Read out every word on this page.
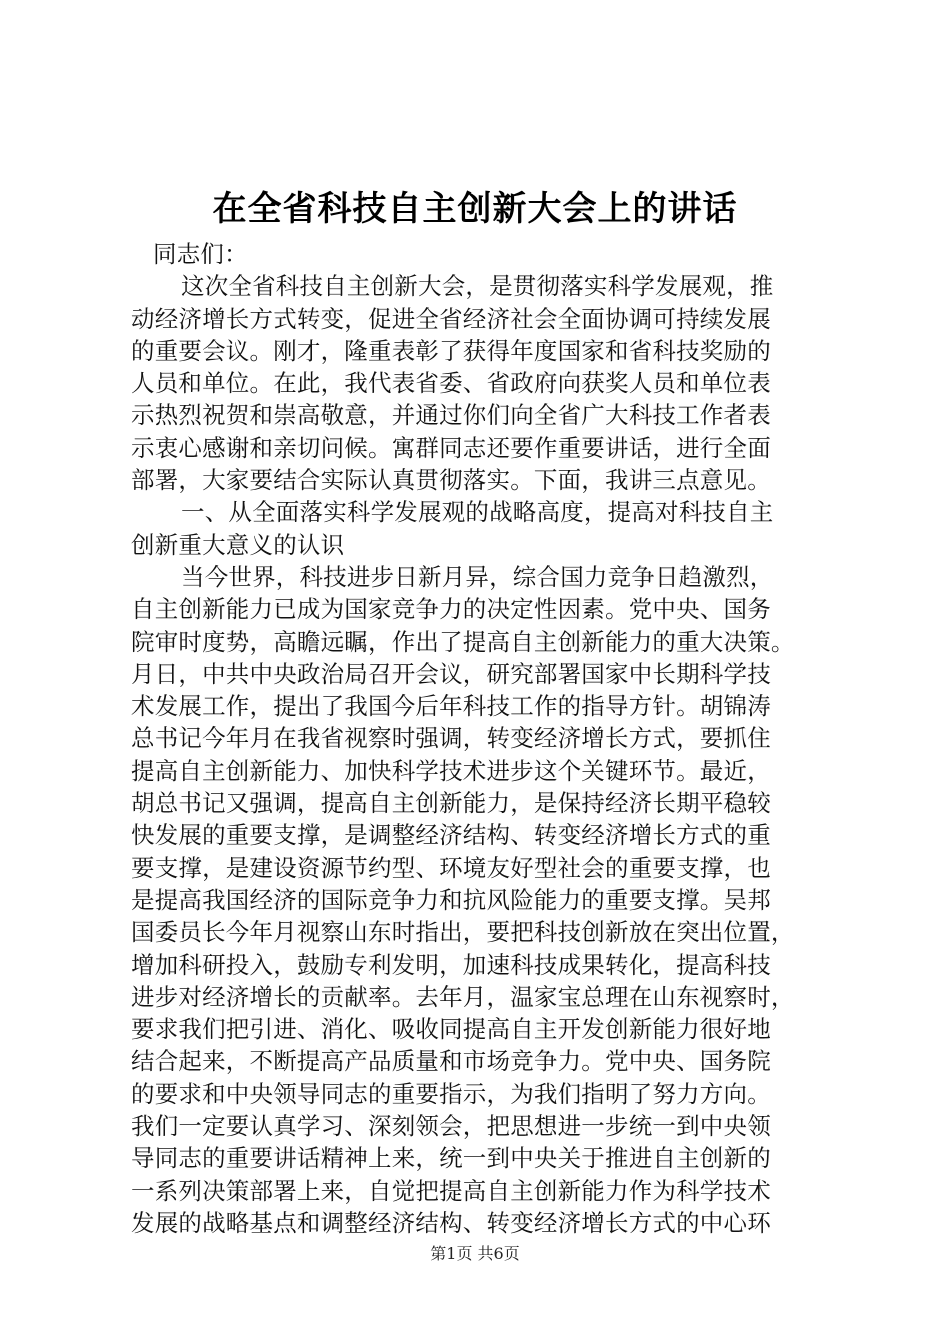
在全省科技自主创新大会上的讲话
同志们：
这次全省科技自主创新大会，是贯彻落实科学发展观，推
动经济增长方式转变，促进全省经济社会全面协调可持续发展
的重要会议。刚才，隆重表彰了获得年度国家和省科技奖励的
人员和单位。在此，我代表省委、省政府向获奖人员和单位表
示热烈祝贺和崇高敬意，并通过你们向全省广大科技工作者表
示衷心感谢和亲切问候。寓群同志还要作重要讲话，进行全面
部署，大家要结合实际认真贯彻落实。下面，我讲三点意见。
一、从全面落实科学发展观的战略高度，提高对科技自主
创新重大意义的认识
当今世界，科技进步日新月异，综合国力竞争日趋激烈，
自主创新能力已成为国家竞争力的决定性因素。党中央、国务
院审时度势，高瞻远瞩，作出了提高自主创新能力的重大决策。
月日，中共中央政治局召开会议，研究部署国家中长期科学技
术发展工作，提出了我国今后年科技工作的指导方针。胡锦涛
总书记今年月在我省视察时强调，转变经济增长方式，要抓住
提高自主创新能力、加快科学技术进步这个关键环节。最近，
胡总书记又强调，提高自主创新能力，是保持经济长期平稳较
快发展的重要支撑，是调整经济结构、转变经济增长方式的重
要支撑，是建设资源节约型、环境友好型社会的重要支撑，也
是提高我国经济的国际竞争力和抗风险能力的重要支撑。吴邦
国委员长今年月视察山东时指出，要把科技创新放在突出位置，
增加科研投入，鼓励专利发明，加速科技成果转化，提高科技
进步对经济增长的贡献率。去年月，温家宝总理在山东视察时，
要求我们把引进、消化、吸收同提高自主开发创新能力很好地
结合起来，不断提高产品质量和市场竞争力。党中央、国务院
的要求和中央领导同志的重要指示，为我们指明了努力方向。
我们一定要认真学习、深刻领会，把思想进一步统一到中央领
导同志的重要讲话精神上来，统一到中央关于推进自主创新的
一系列决策部署上来，自觉把提高自主创新能力作为科学技术
发展的战略基点和调整经济结构、转变经济增长方式的中心环
第1页 共6页
